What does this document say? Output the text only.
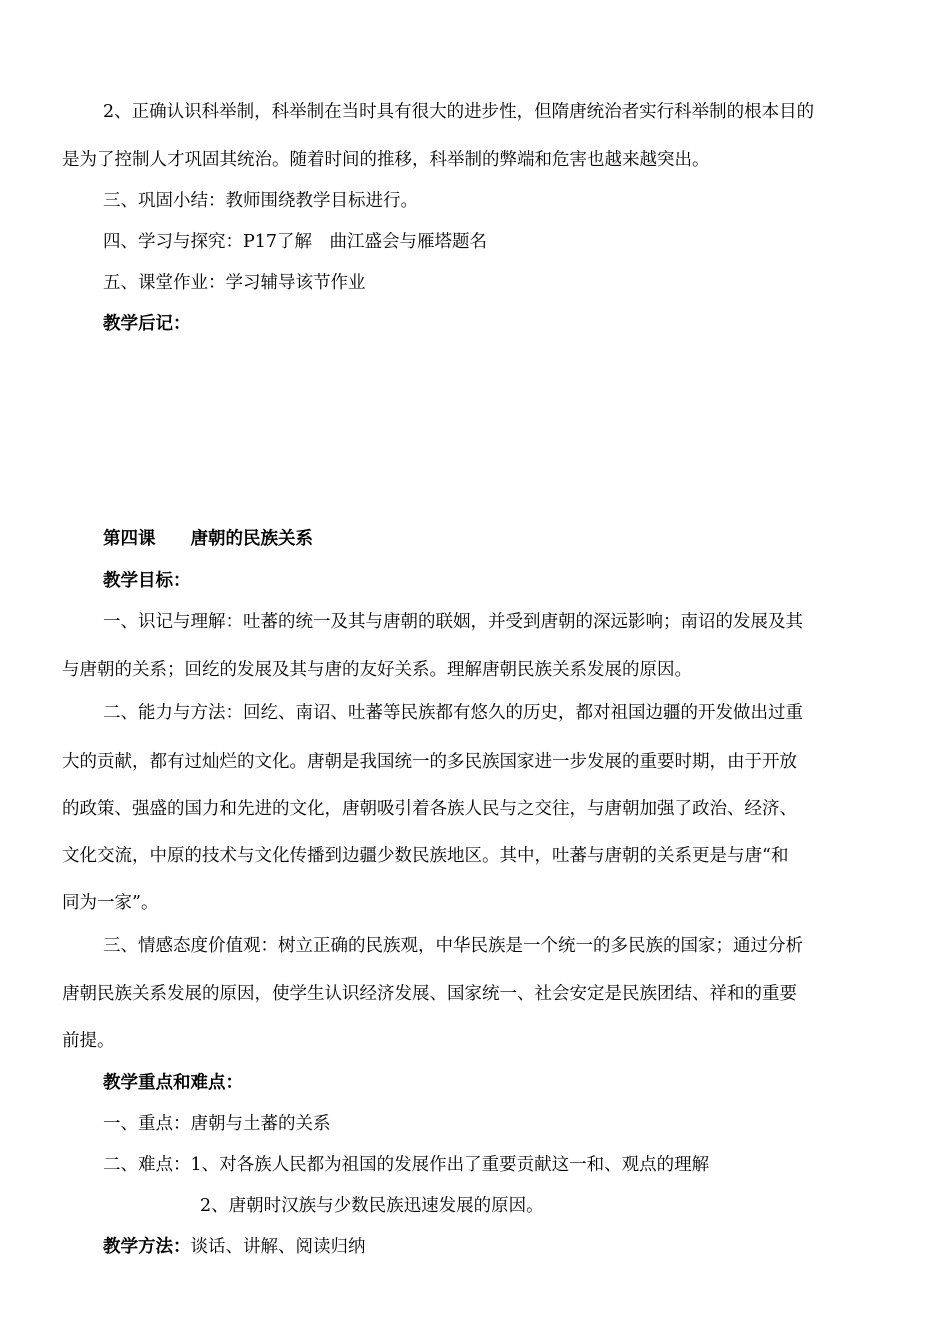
2、正确认识科举制，科举制在当时具有很大的进步性，但隋唐统治者实行科举制的根本目的
是为了控制人才巩固其统治。随着时间的推移，科举制的弊端和危害也越来越突出。
三、巩固小结：教师围绕教学目标进行。
四、学习与探究：P17了解　曲江盛会与雁塔题名
五、课堂作业：学习辅导该节作业
教学后记：
第四课　　唐朝的民族关系
教学目标：
一、识记与理解：吐蕃的统一及其与唐朝的联姻，并受到唐朝的深远影响；南诏的发展及其
与唐朝的关系；回纥的发展及其与唐的友好关系。理解唐朝民族关系发展的原因。
二、能力与方法：回纥、南诏、吐蕃等民族都有悠久的历史，都对祖国边疆的开发做出过重
大的贡献，都有过灿烂的文化。唐朝是我国统一的多民族国家进一步发展的重要时期，由于开放
的政策、强盛的国力和先进的文化，唐朝吸引着各族人民与之交往，与唐朝加强了政治、经济、
文化交流，中原的技术与文化传播到边疆少数民族地区。其中，吐蕃与唐朝的关系更是与唐“和
同为一家”。
三、情感态度价值观：树立正确的民族观，中华民族是一个统一的多民族的国家；通过分析
唐朝民族关系发展的原因，使学生认识经济发展、国家统一、社会安定是民族团结、祥和的重要
前提。
教学重点和难点：
一、重点：唐朝与土蕃的关系
二、难点：1、对各族人民都为祖国的发展作出了重要贡献这一和、观点的理解
2、唐朝时汉族与少数民族迅速发展的原因。
教学方法：谈话、讲解、阅读归纳
